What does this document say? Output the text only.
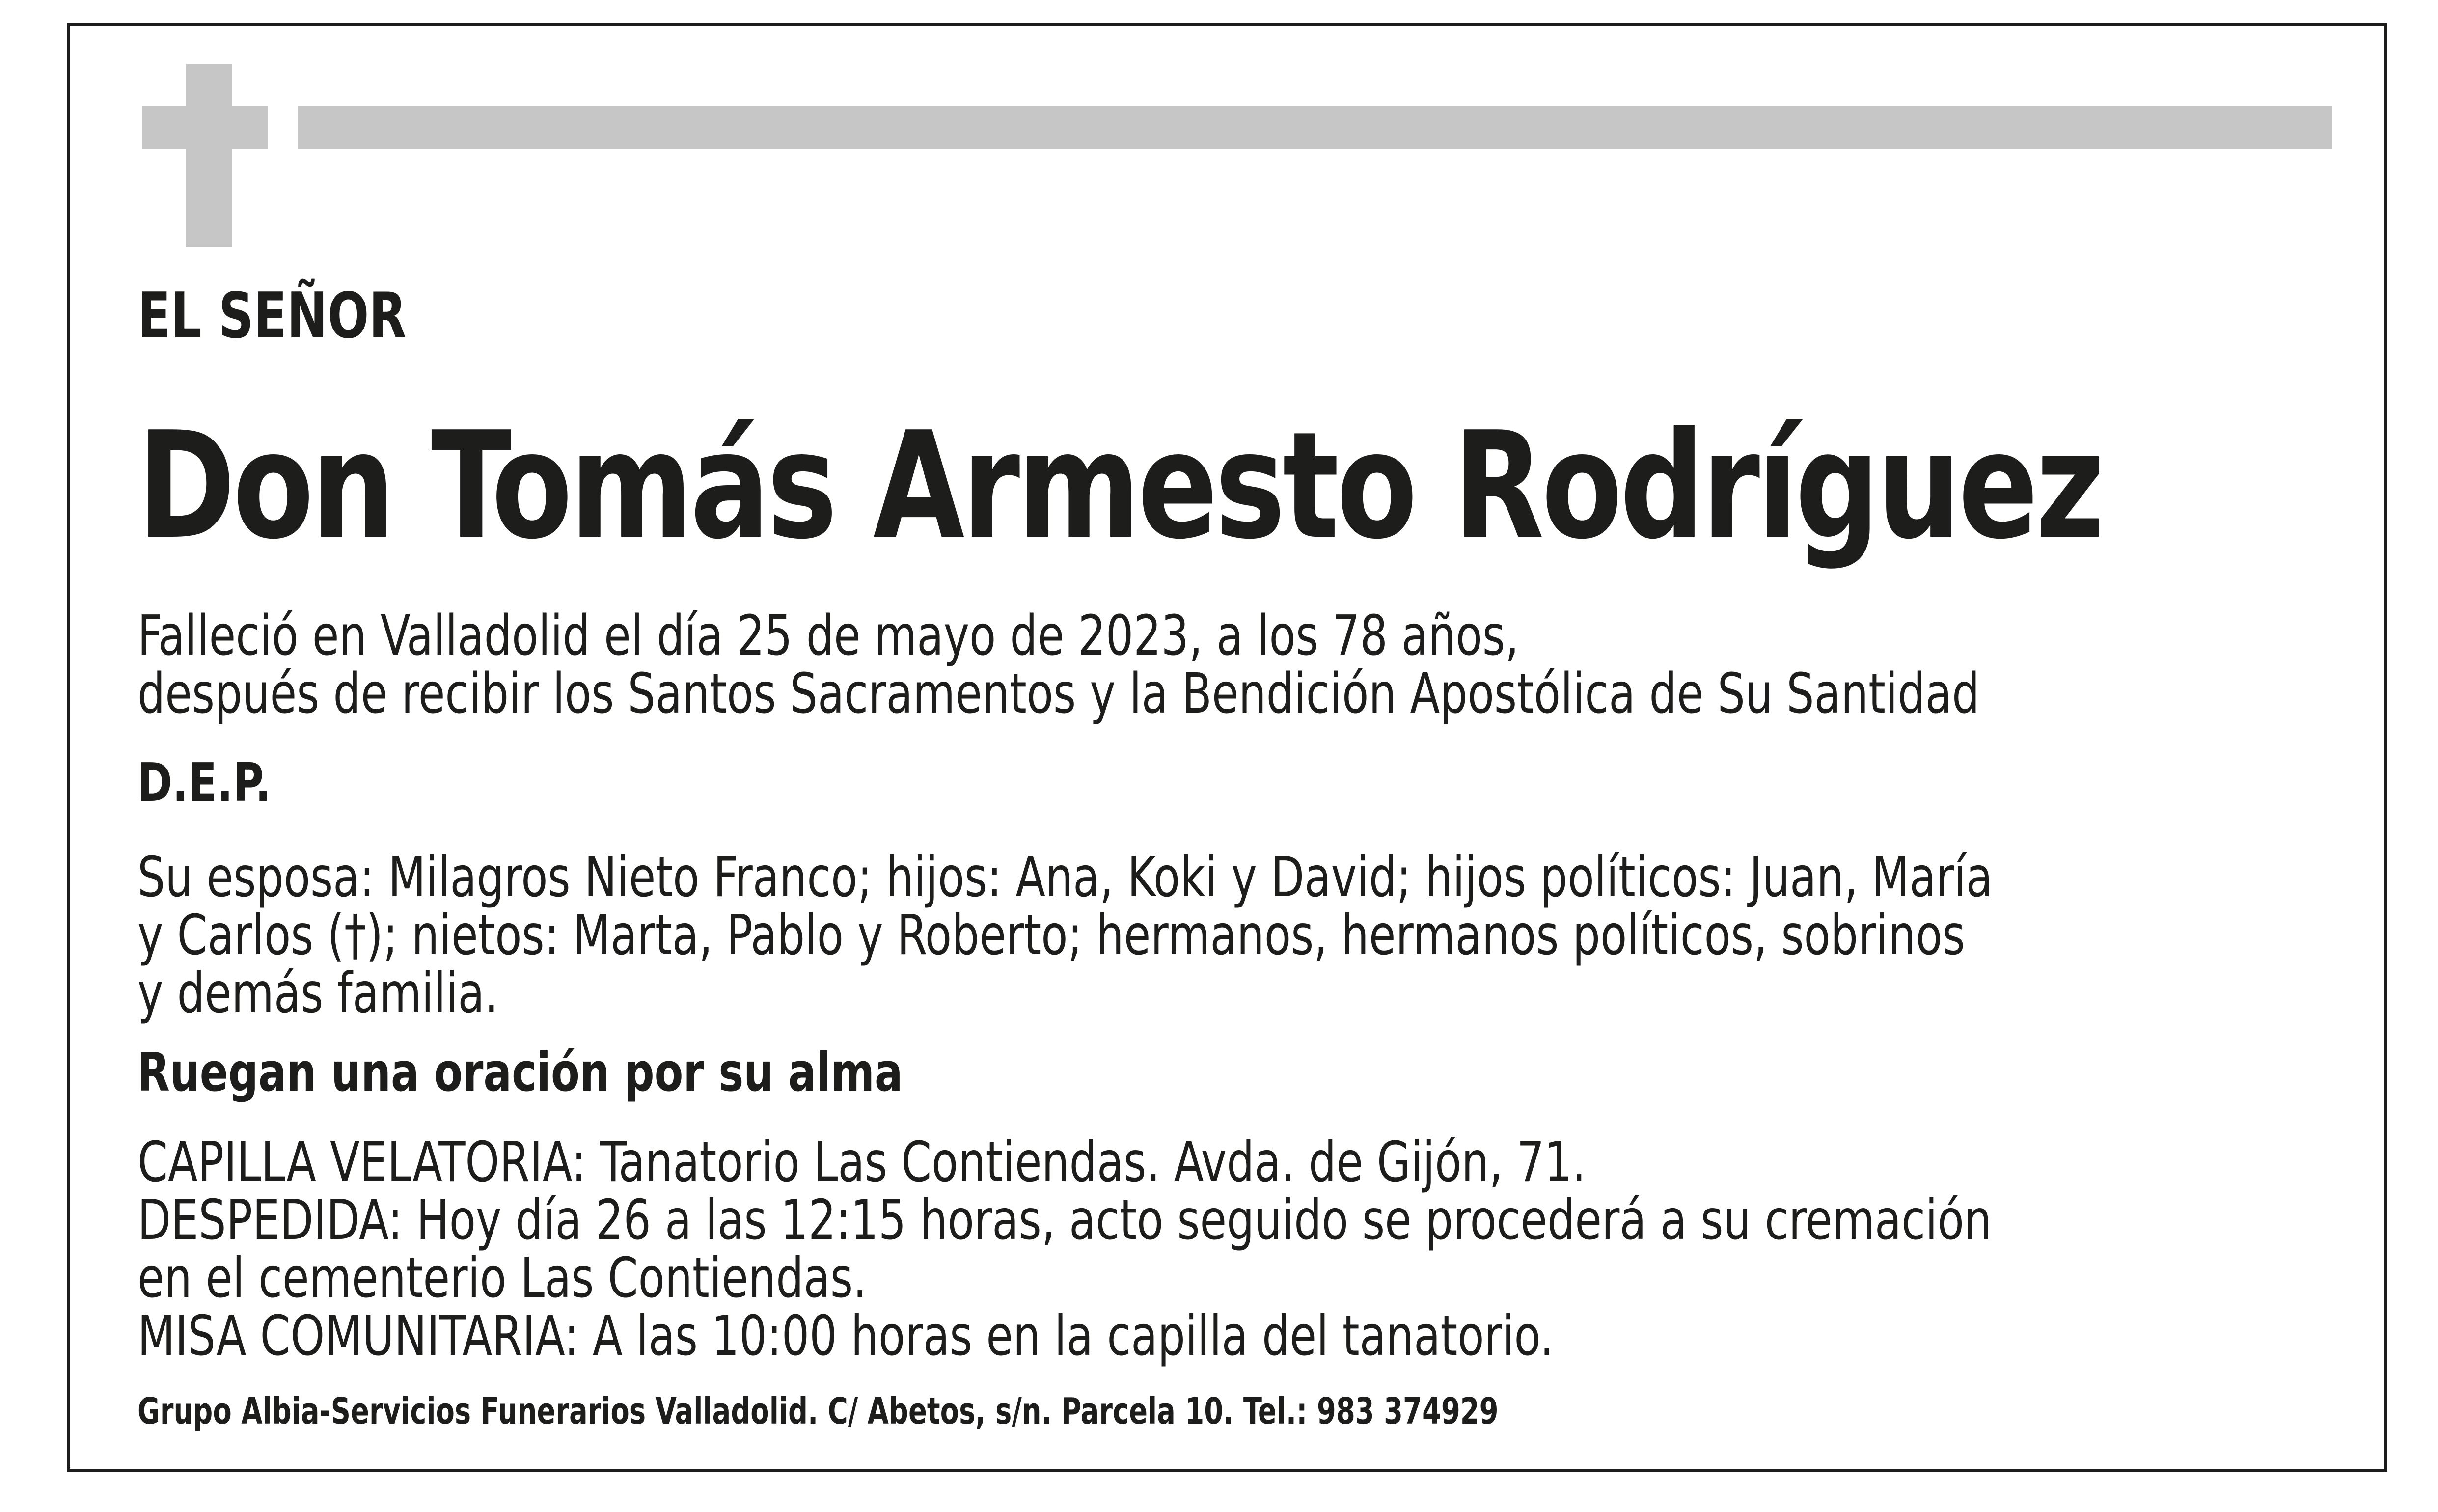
EL SEÑOR

Don Tomás Armesto Rodríguez

Falleció en Valladolid el día 25 de mayo de 2023, a los 78 años,

después de recibir los Santos Sacramentos y la Bendición Apostólica de Su Santidad

D.E.P.

Su esposa: Milagros Nieto Franco; hijos: Ana, Koki y David; hijos políticos: Juan, María

y Carlos (†); nietos: Marta, Pablo y Roberto; hermanos, hermanos políticos, sobrinos

y demás familia.

Ruegan una oración por su alma

CAPILLA VELATORIA: Tanatorio Las Contiendas. Avda. de Gijón, 71.

DESPEDIDA: Hoy día 26 a las 12:15 horas, acto seguido se procederá a su cremación

en el cementerio Las Contiendas.

MISA COMUNITARIA: A las 10:00 horas en la capilla del tanatorio.

Grupo Albia-Servicios Funerarios Valladolid. C/ Abetos, s/n. Parcela 10. Tel.: 983 374929
